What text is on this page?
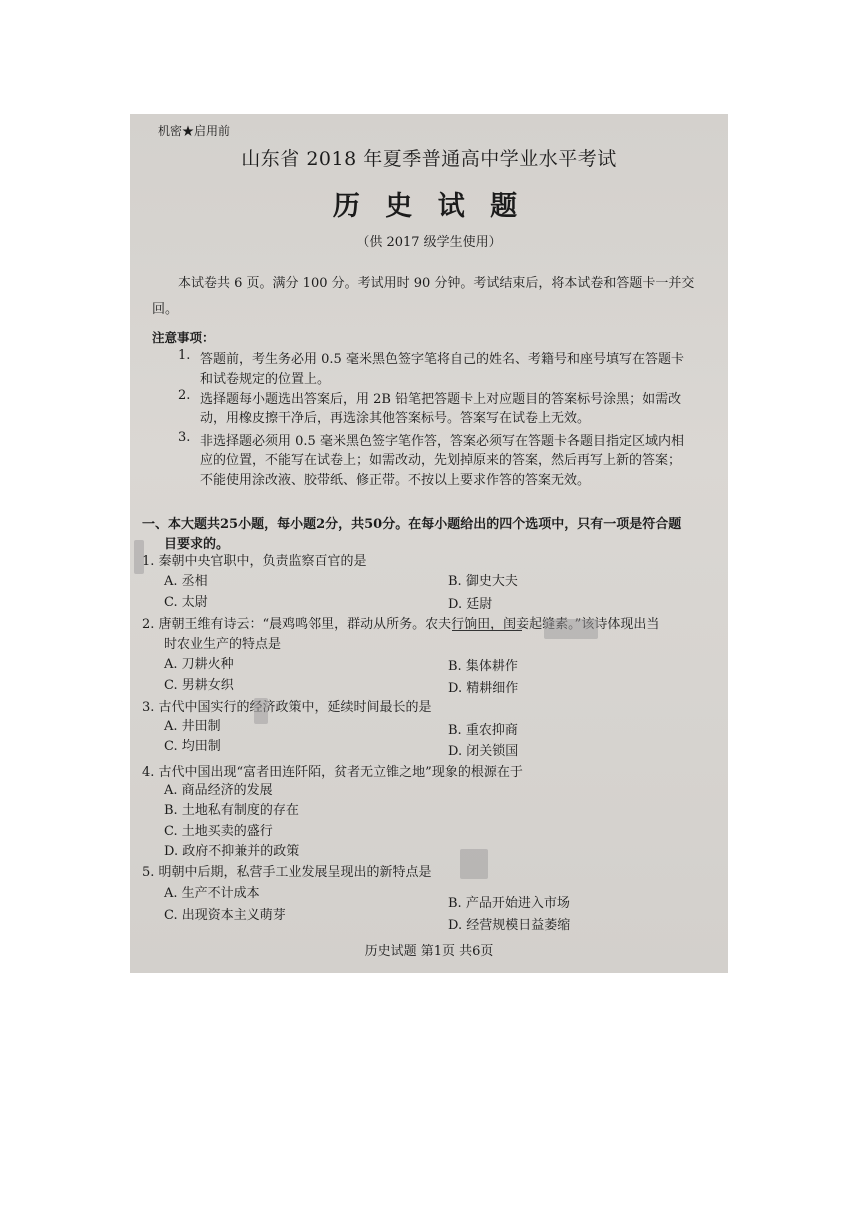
机密★启用前
山东省 2018 年夏季普通高中学业水平考试
历 史 试 题
（供 2017 级学生使用）
本试卷共 6 页。满分 100 分。考试用时 90 分钟。考试结束后，将本试卷和答题卡一并交
回。
注意事项：
1. 答题前，考生务必用 0.5 毫米黑色签字笔将自己的姓名、考籍号和座号填写在答题卡
和试卷规定的位置上。
2. 选择题每小题选出答案后，用 2B 铅笔把答题卡上对应题目的答案标号涂黑；如需改
动，用橡皮擦干净后，再选涂其他答案标号。答案写在试卷上无效。
3. 非选择题必须用 0.5 毫米黑色签字笔作答，答案必须写在答题卡各题目指定区域内相
应的位置，不能写在试卷上；如需改动，先划掉原来的答案，然后再写上新的答案；
不能使用涂改液、胶带纸、修正带。不按以上要求作答的答案无效。
一、本大题共25小题，每小题2分，共50分。在每小题给出的四个选项中，只有一项是符合题
目要求的。
1. 秦朝中央官职中，负责监察百官的是
A. 丞相	B. 御史大夫
C. 太尉	D. 廷尉
2. 唐朝王维有诗云：“晨鸡鸣邻里，群动从所务。农夫行饷田，闺妾起缝素。”该诗体现出当
时农业生产的特点是
A. 刀耕火种	B. 集体耕作
C. 男耕女织	D. 精耕细作
3. 古代中国实行的经济政策中，延续时间最长的是
A. 井田制	B. 重农抑商
C. 均田制	D. 闭关锁国
4. 古代中国出现“富者田连阡陌，贫者无立锥之地”现象的根源在于
A. 商品经济的发展
B. 土地私有制度的存在
C. 土地买卖的盛行
D. 政府不抑兼并的政策
5. 明朝中后期，私营手工业发展呈现出的新特点是
A. 生产不计成本
B. 产品开始进入市场
C. 出现资本主义萌芽
D. 经营规模日益萎缩
历史试题 第1页 共6页
